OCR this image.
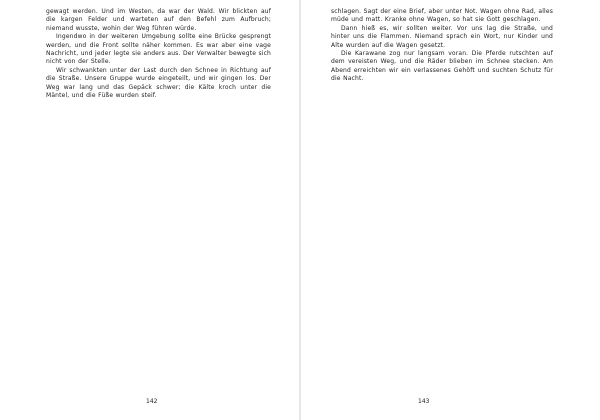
gewagt werden. Und im Westen, da war der Wald. Wir blickten auf die kargen Felder und warteten auf den Befehl zum Aufbruch; niemand wusste, wohin der Weg führen würde.

Ingendwo in der weiteren Umgebung sollte eine Brücke gesprengt werden, und die Front sollte näher kommen. Es war aber eine vage Nachricht, und jeder legte sie anders aus. Der Verwalter bewegte sich nicht von der Stelle.

Wir schwankten unter der Last durch den Schnee in Richtung auf die Straße. Unsere Gruppe wurde eingeteilt, und wir gingen los. Der Weg war lang und das Gepäck schwer; die Kälte kroch unter die Mäntel, und die Füße wurden steif.

142

schlagen. Sagt der eine Brief, aber unter Not. Wagen ohne Rad, alles müde und matt. Kranke ohne Wagen, so hat sie Gott geschlagen.

Dann hieß es, wir sollten weiter. Vor uns lag die Straße, und hinter uns die Flammen. Niemand sprach ein Wort, nur Kinder und Alte wurden auf die Wagen gesetzt.

Die Karawane zog nur langsam voran. Die Pferde rutschten auf dem vereisten Weg, und die Räder blieben im Schnee stecken. Am Abend erreichten wir ein verlassenes Gehöft und suchten Schutz für die Nacht.

143
